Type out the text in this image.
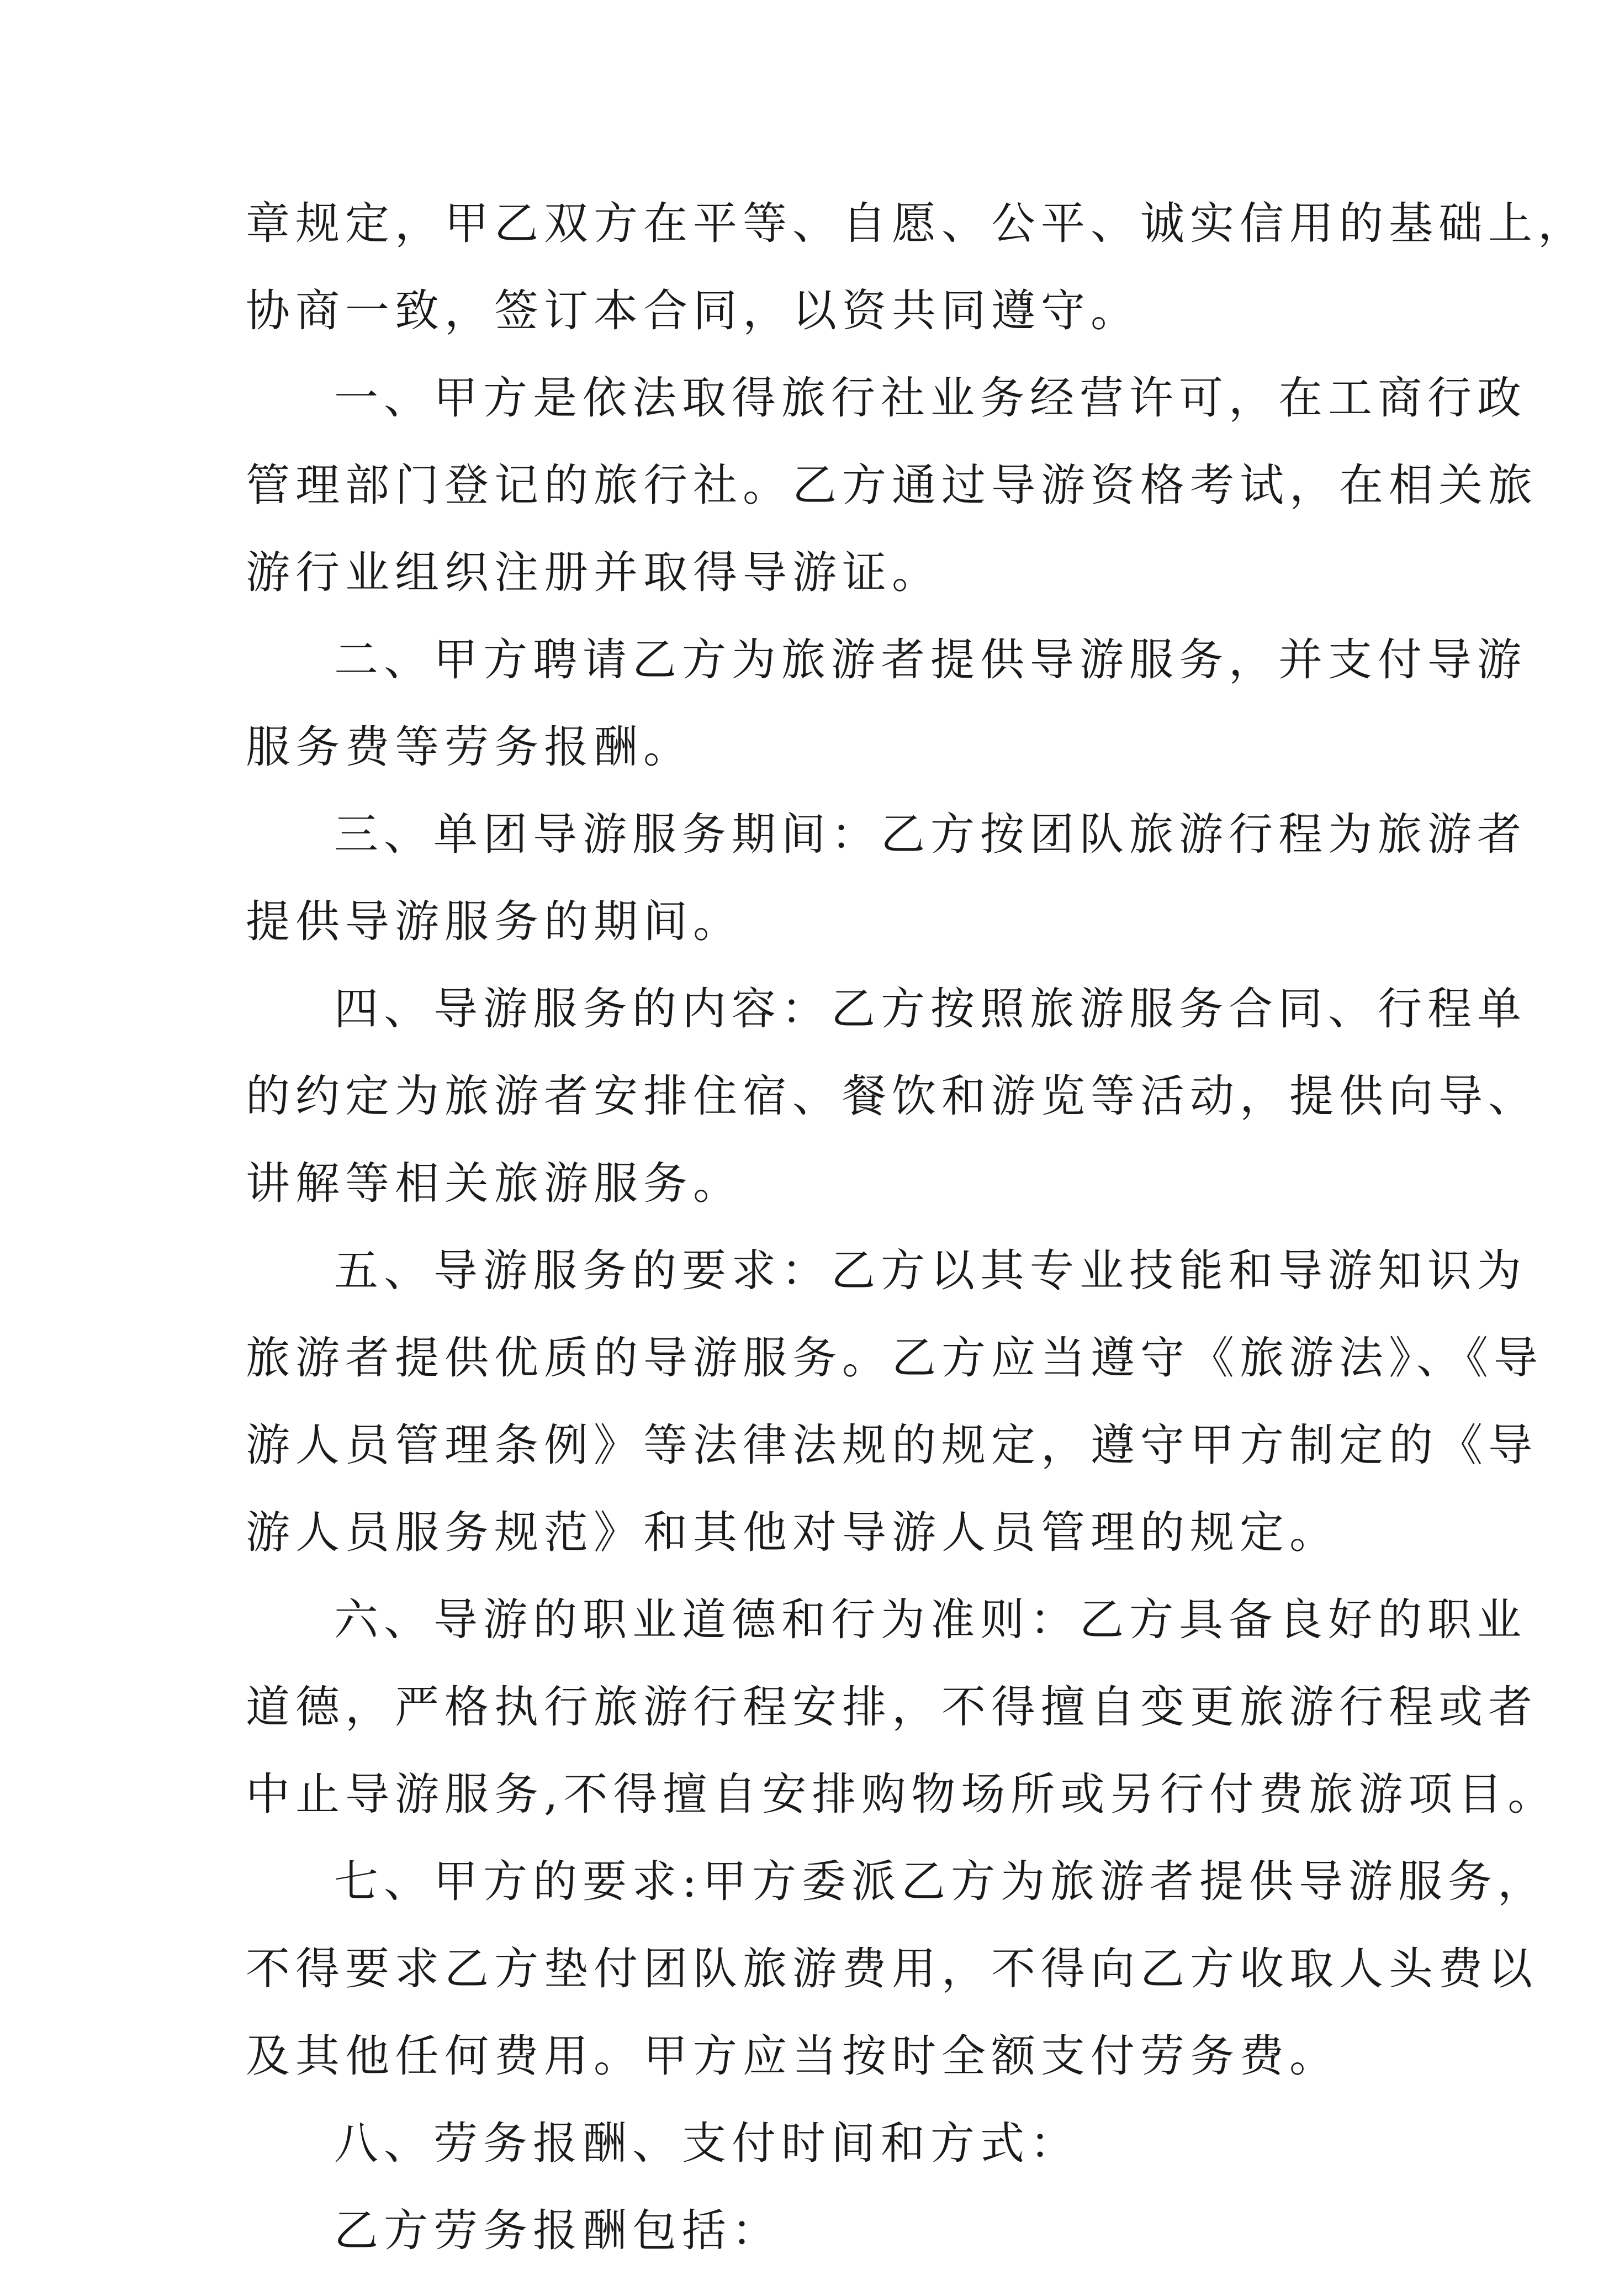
章规定，甲乙双方在平等、自愿、公平、诚实信用的基础上，
协商一致，签订本合同，以资共同遵守。
一、甲方是依法取得旅行社业务经营许可，在工商行政
管理部门登记的旅行社。乙方通过导游资格考试，在相关旅
游行业组织注册并取得导游证。
二、甲方聘请乙方为旅游者提供导游服务，并支付导游
服务费等劳务报酬。
三、单团导游服务期间：乙方按团队旅游行程为旅游者
提供导游服务的期间。
四、导游服务的内容：乙方按照旅游服务合同、行程单
的约定为旅游者安排住宿、餐饮和游览等活动，提供向导、
讲解等相关旅游服务。
五、导游服务的要求：乙方以其专业技能和导游知识为
旅游者提供优质的导游服务。乙方应当遵守《旅游法》、《导
游人员管理条例》等法律法规的规定，遵守甲方制定的《导
游人员服务规范》和其他对导游人员管理的规定。
六、导游的职业道德和行为准则：乙方具备良好的职业
道德，严格执行旅游行程安排，不得擅自变更旅游行程或者
中止导游服务,不得擅自安排购物场所或另行付费旅游项目。
七、甲方的要求:甲方委派乙方为旅游者提供导游服务，
不得要求乙方垫付团队旅游费用，不得向乙方收取人头费以
及其他任何费用。甲方应当按时全额支付劳务费。
八、劳务报酬、支付时间和方式：
乙方劳务报酬包括：
